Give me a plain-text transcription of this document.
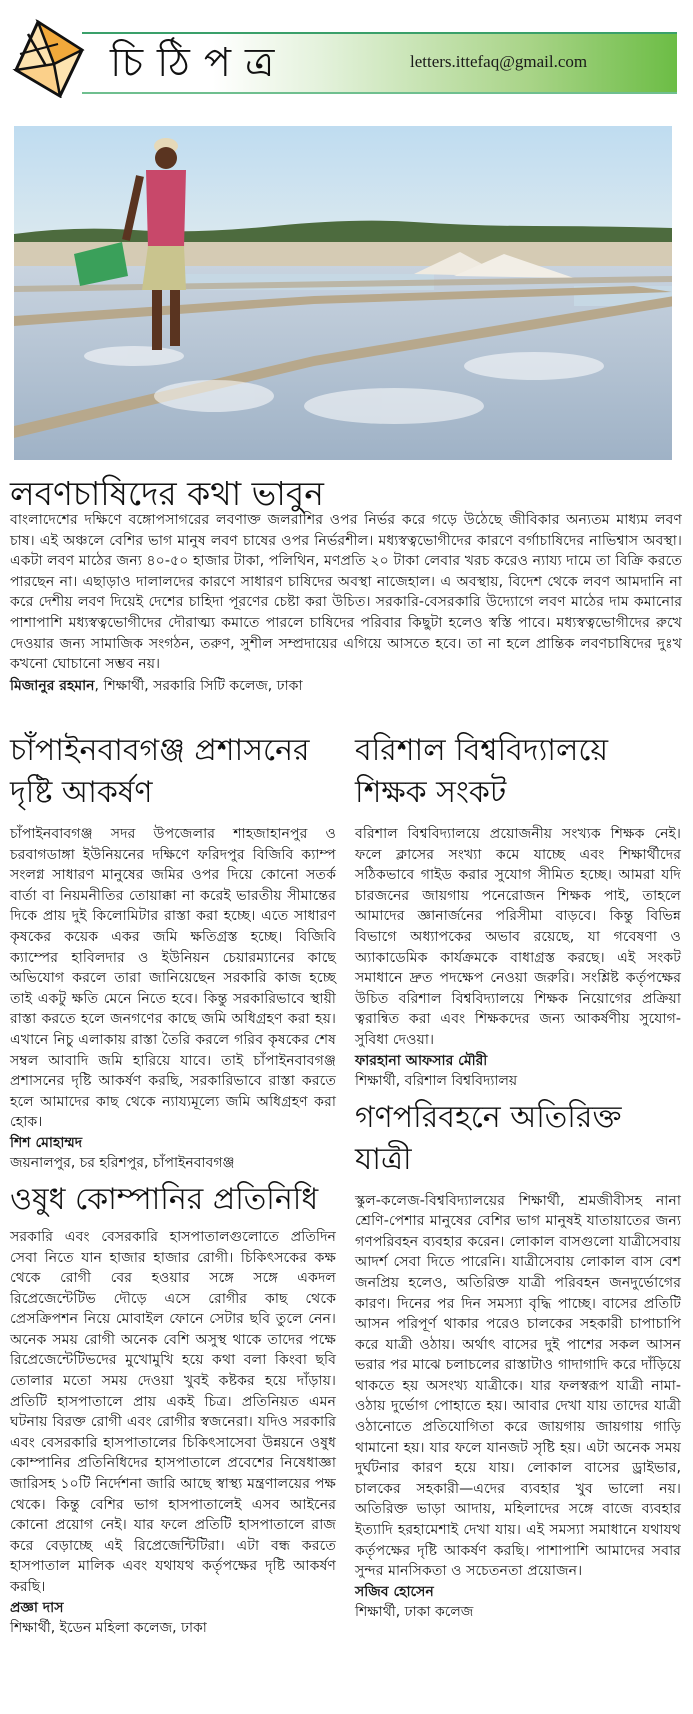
চিঠিপত্র	letters.ittefaq@gmail.com
লবণচাষিদের কথা ভাবুন

বাংলাদেশের দক্ষিণে বঙ্গোপসাগরের লবণাক্ত জলরাশির ওপর নির্ভর করে গড়ে উঠেছে জীবিকার অন্যতম মাধ্যম লবণ চাষ। এই অঞ্চলে বেশির ভাগ মানুষ লবণ চাষের ওপর নির্ভরশীল। মধ্যস্বত্বভোগীদের কারণে বর্গাচাষিদের নাভিশ্বাস অবস্থা। একটা লবণ মাঠের জন্য ৪০-৫০ হাজার টাকা, পলিথিন, মণপ্রতি ২০ টাকা লেবার খরচ করেও ন্যায্য দামে তা বিক্রি করতে পারছেন না। এছাড়াও দালালদের কারণে সাধারণ চাষিদের অবস্থা নাজেহাল। এ অবস্থায়, বিদেশ থেকে লবণ আমদানি না করে দেশীয় লবণ দিয়েই দেশের চাহিদা পূরণের চেষ্টা করা উচিত। সরকারি-বেসরকারি উদ্যোগে লবণ মাঠের দাম কমানোর পাশাপাশি মধ্যস্বত্বভোগীদের দৌরাত্ম্য কমাতে পারলে চাষিদের পরিবার কিছুটা হলেও স্বস্তি পাবে। মধ্যস্বত্বভোগীদের রুখে দেওয়ার জন্য সামাজিক সংগঠন, তরুণ, সুশীল সম্প্রদায়ের এগিয়ে আসতে হবে। তা না হলে প্রান্তিক লবণচাষিদের দুঃখ কখনো ঘোচানো সম্ভব নয়।

মিজানুর রহমান, শিক্ষার্থী, সরকারি সিটি কলেজ, ঢাকা
চাঁপাইনবাবগঞ্জ প্রশাসনের দৃষ্টি আকর্ষণ

চাঁপাইনবাবগঞ্জ সদর উপজেলার শাহজাহানপুর ও চরবাগডাঙ্গা ইউনিয়নের দক্ষিণে ফরিদপুর বিজিবি ক্যাম্প সংলগ্ন সাধারণ মানুষের জমির ওপর দিয়ে কোনো সতর্ক বার্তা বা নিয়মনীতির তোয়াক্কা না করেই ভারতীয় সীমান্তের দিকে প্রায় দুই কিলোমিটার রাস্তা করা হচ্ছে। এতে সাধারণ কৃষকের কয়েক একর জমি ক্ষতিগ্রস্ত হচ্ছে। বিজিবি ক্যাম্পের হাবিলদার ও ইউনিয়ন চেয়ারম্যানের কাছে অভিযোগ করলে তারা জানিয়েছেন সরকারি কাজ হচ্ছে তাই একটু ক্ষতি মেনে নিতে হবে। কিন্তু সরকারিভাবে স্থায়ী রাস্তা করতে হলে জনগণের কাছে জমি অধিগ্রহণ করা হয়। এখানে নিচু এলাকায় রাস্তা তৈরি করলে গরিব কৃষকের শেষ সম্বল আবাদি জমি হারিয়ে যাবে। তাই চাঁপাইনবাবগঞ্জ প্রশাসনের দৃষ্টি আকর্ষণ করছি, সরকারিভাবে রাস্তা করতে হলে আমাদের কাছ থেকে ন্যায্যমূল্যে জমি অধিগ্রহণ করা হোক।

শিশ মোহাম্মদ
জয়নালপুর, চর হরিশপুর, চাঁপাইনবাবগঞ্জ
ওষুধ কোম্পানির প্রতিনিধি

সরকারি এবং বেসরকারি হাসপাতালগুলোতে প্রতিদিন সেবা নিতে যান হাজার হাজার রোগী। চিকিৎসকের কক্ষ থেকে রোগী বের হওয়ার সঙ্গে সঙ্গে একদল রিপ্রেজেন্টেটিভ দৌড়ে এসে রোগীর কাছ থেকে প্রেসক্রিপশন নিয়ে মোবাইল ফোনে সেটার ছবি তুলে নেন। অনেক সময় রোগী অনেক বেশি অসুস্থ থাকে তাদের পক্ষে রিপ্রেজেন্টেটিভদের মুখোমুখি হয়ে কথা বলা কিংবা ছবি তোলার মতো সময় দেওয়া খুবই কষ্টকর হয়ে দাঁড়ায়। প্রতিটি হাসপাতালে প্রায় একই চিত্র। প্রতিনিয়ত এমন ঘটনায় বিরক্ত রোগী এবং রোগীর স্বজনেরা। যদিও সরকারি এবং বেসরকারি হাসপাতালের চিকিৎসাসেবা উন্নয়নে ওষুধ কোম্পানির প্রতিনিধিদের হাসপাতালে প্রবেশের নিষেধাজ্ঞা জারিসহ ১০টি নির্দেশনা জারি আছে স্বাস্থ্য মন্ত্রণালয়ের পক্ষ থেকে। কিন্তু বেশির ভাগ হাসপাতালেই এসব আইনের কোনো প্রয়োগ নেই। যার ফলে প্রতিটি হাসপাতালে রাজ করে বেড়াচ্ছে এই রিপ্রেজেন্টিটিরা। এটা বন্ধ করতে হাসপাতাল মালিক এবং যথাযথ কর্তৃপক্ষের দৃষ্টি আকর্ষণ করছি।

প্রজ্ঞা দাস
শিক্ষার্থী, ইডেন মহিলা কলেজ, ঢাকা
বরিশাল বিশ্ববিদ্যালয়ে শিক্ষক সংকট

বরিশাল বিশ্ববিদ্যালয়ে প্রয়োজনীয় সংখ্যক শিক্ষক নেই। ফলে ক্লাসের সংখ্যা কমে যাচ্ছে এবং শিক্ষার্থীদের সঠিকভাবে গাইড করার সুযোগ সীমিত হচ্ছে। আমরা যদি চারজনের জায়গায় পনেরোজন শিক্ষক পাই, তাহলে আমাদের জ্ঞানার্জনের পরিসীমা বাড়বে। কিন্তু বিভিন্ন বিভাগে অধ্যাপকের অভাব রয়েছে, যা গবেষণা ও অ্যাকাডেমিক কার্যক্রমকে বাধাগ্রস্ত করছে। এই সংকট সমাধানে দ্রুত পদক্ষেপ নেওয়া জরুরি। সংশ্লিষ্ট কর্তৃপক্ষের উচিত বরিশাল বিশ্ববিদ্যালয়ে শিক্ষক নিয়োগের প্রক্রিয়া ত্বরান্বিত করা এবং শিক্ষকদের জন্য আকর্ষণীয় সুযোগ-সুবিধা দেওয়া।

ফারহানা আফসার মৌরী
শিক্ষার্থী, বরিশাল বিশ্ববিদ্যালয়
গণপরিবহনে অতিরিক্ত যাত্রী

স্কুল-কলেজ-বিশ্ববিদ্যালয়ের শিক্ষার্থী, শ্রমজীবীসহ নানা শ্রেণি-পেশার মানুষের বেশির ভাগ মানুষই যাতায়াতের জন্য গণপরিবহন ব্যবহার করেন। লোকাল বাসগুলো যাত্রীসেবায় আদর্শ সেবা দিতে পারেনি। যাত্রীসেবায় লোকাল বাস বেশ জনপ্রিয় হলেও, অতিরিক্ত যাত্রী পরিবহন জনদুর্ভোগের কারণ। দিনের পর দিন সমস্যা বৃদ্ধি পাচ্ছে। বাসের প্রতিটি আসন পরিপূর্ণ থাকার পরেও চালকের সহকারী চাপাচাপি করে যাত্রী ওঠায়। অর্থাৎ বাসের দুই পাশের সকল আসন ভরার পর মাঝে চলাচলের রাস্তাটাও গাদাগাদি করে দাঁড়িয়ে থাকতে হয় অসংখ্য যাত্রীকে। যার ফলস্বরূপ যাত্রী নামা-ওঠায় দুর্ভোগ পোহাতে হয়। আবার দেখা যায় তাদের যাত্রী ওঠানোতে প্রতিযোগিতা করে জায়গায় জায়গায় গাড়ি থামানো হয়। যার ফলে যানজট সৃষ্টি হয়। এটা অনেক সময় দুর্ঘটনার কারণ হয়ে যায়। লোকাল বাসের ড্রাইভার, চালকের সহকারী—এদের ব্যবহার খুব ভালো নয়। অতিরিক্ত ভাড়া আদায়, মহিলাদের সঙ্গে বাজে ব্যবহার ইত্যাদি হরহামেশাই দেখা যায়। এই সমস্যা সমাধানে যথাযথ কর্তৃপক্ষের দৃষ্টি আকর্ষণ করছি। পাশাপাশি আমাদের সবার সুন্দর মানসিকতা ও সচেতনতা প্রয়োজন।

সজিব হোসেন
শিক্ষার্থী, ঢাকা কলেজ
